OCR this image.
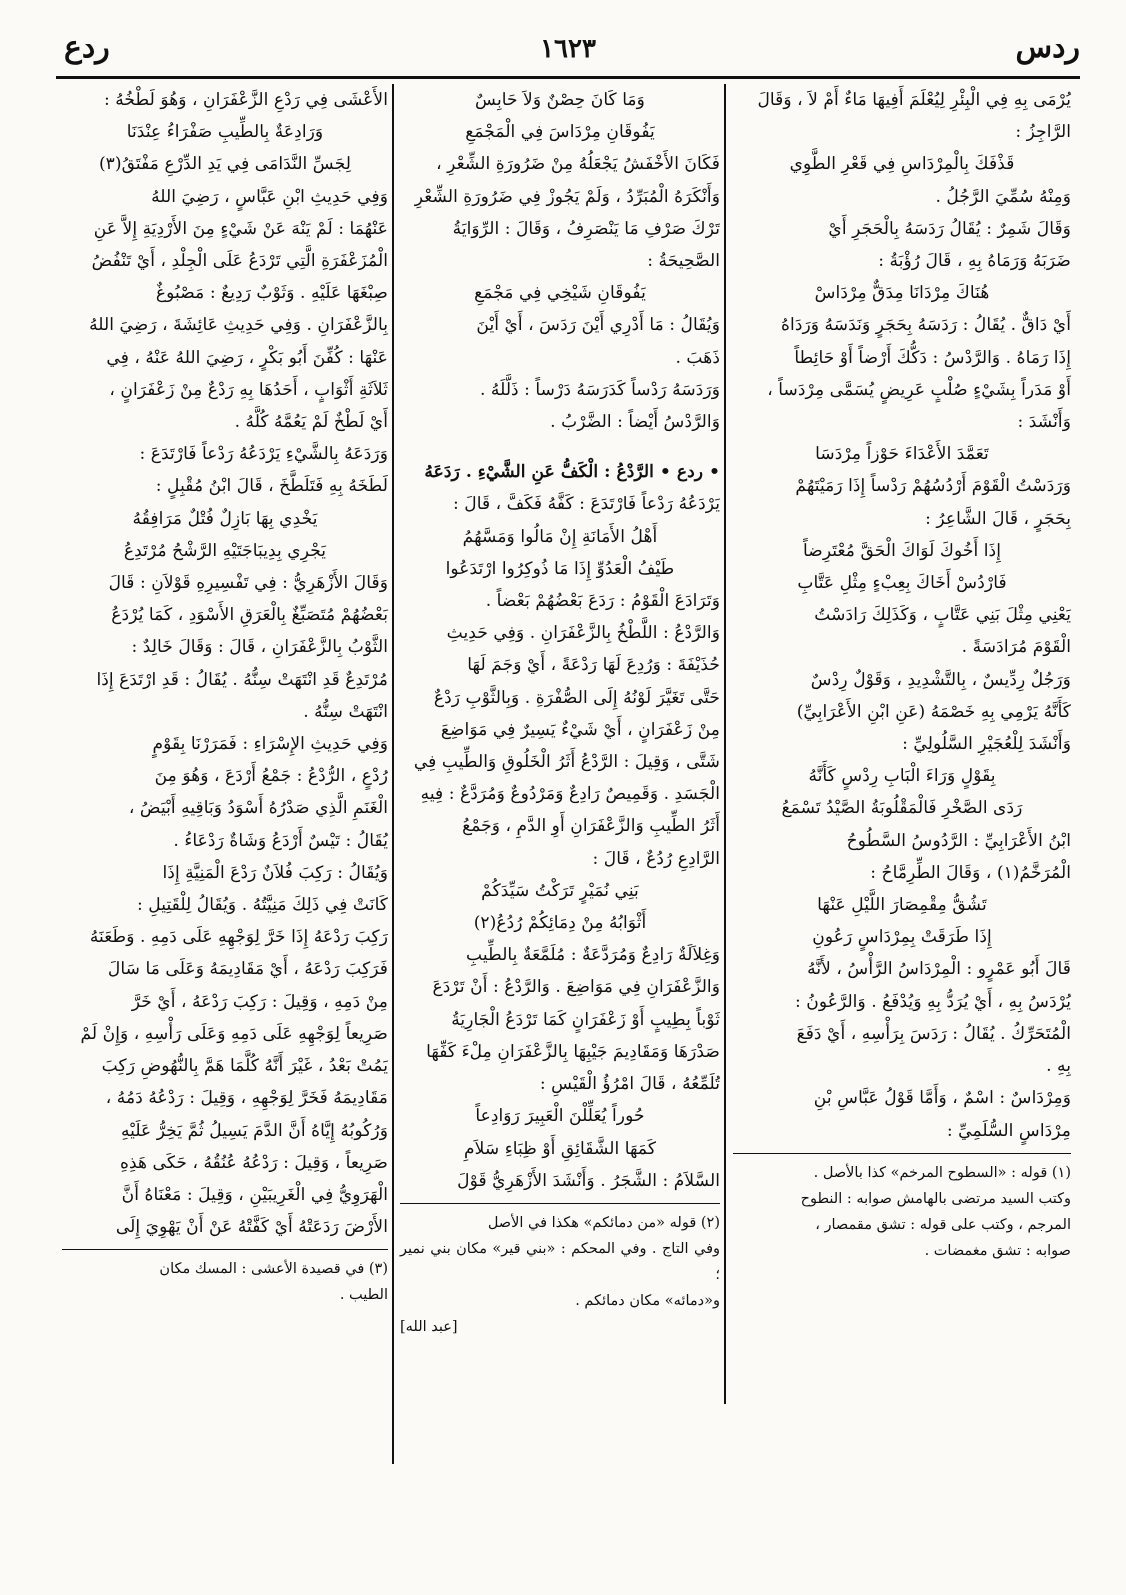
ردس
١٦٢٣
ردع

يُرْمَى بِهِ فِي الْبِئْرِ لِيُعْلَمَ أَفِيهَا مَاءٌ أَمْ لاَ ، وَقَالَ

الرَّاجِزُ :

قَذْفَكَ بِالْمِرْدَاسِ فِي قَعْرِ الطَّوِي

وَمِنْهُ سُمِّيَ الرَّجُلُ .

وَقَالَ شَمِرٌ : يُقَالُ رَدَسَهُ بِالْحَجَرِ أَيْ

ضَرَبَهُ وَرَمَاهُ بِهِ ، قَالَ رُؤْبَةُ :

هُنَاكَ مِرْدَانَا مِدَقٌّ مِرْدَاسْ

أَيْ دَاقٌّ . يُقَالُ : رَدَسَهُ بِحَجَرٍ وَنَدَسَهُ وَرَدَاهُ

إِذَا رَمَاهُ . وَالرَّدْسُ : دَكُّكَ أَرْضاً أَوْ حَائِطاً

أَوْ مَدَراً بِشَيْءٍ صُلْبٍ عَرِيضٍ يُسَمَّى مِرْدَساً ،

وَأَنْشَدَ :

تَعَمَّدَ الأَعْدَاءَ حَوْزاً مِرْدَسَا

وَرَدَسْتُ الْقَوْمَ أَرْدُسُهُمْ رَدْساً إِذَا رَمَيْتَهُمْ

بِحَجَرٍ ، قَالَ الشَّاعِرُ :

إِذَا أَخُوكَ لَوَاكَ الْحَقَّ مُعْتَرِضاً

فَارْدُسْ أَخَاكَ بِعِبْءٍ مِثْلِ عَتَّابِ

يَعْنِي مِثْلَ بَنِي عَتَّابٍ ، وَكَذَلِكَ رَادَسْتُ

الْقَوْمَ مُرَادَسَةً .

وَرَجُلٌ رِدِّيسٌ ، بِالتَّشْدِيدِ ، وَقَوْلٌ رِدْسٌ

كَأَنَّهُ يَرْمِي بِهِ خَصْمَهُ (عَنِ ابْنِ الأَعْرَابِيِّ)

وَأَنْشَدَ لِلْعُجَيْرِ السَّلُولِيِّ :

بِقَوْلٍ وَرَاءَ الْبَابِ رِدْسٍ كَأَنَّهُ

رَدَى الصَّخْرِ فَالْمَقْلُوبَةُ الصَّيْدُ تَسْمَعُ

ابْنُ الأَعْرَابِيِّ : الرَّدُوسُ السَّطُوحُ

الْمُرَخَّمُ(١) ، وَقَالَ الطِّرِمَّاحُ :

تَشُقُّ مِقْمِصَارَ اللَّيْلِ عَنْهَا

إِذَا طَرَقَتْ بِمِرْدَاسٍ رَعُونِ

قَالَ أَبُو عَمْرٍو : الْمِرْدَاسُ الرَّأْسُ ، لأَنَّهُ

يُرْدَسُ بِهِ ، أَيْ يُرَدُّ بِهِ وَيُدْفَعُ . وَالرَّعُونُ :

الْمُتَحَرِّكُ . يُقَالُ : رَدَسَ بِرَأْسِهِ ، أَيْ دَفَعَ

بِهِ .

وَمِرْدَاسٌ : اسْمٌ ، وَأَمَّا قَوْلُ عَبَّاسِ بْنِ

مِرْدَاسٍ السُّلَمِيِّ :

(١) قوله : «السطوح المرخم» كذا بالأصل .

وكتب السيد مرتضى بالهامش صوابه : النطوح

المرجم ، وكتب على قوله : تشق مقمصار ،

صوابه : تشق مغمضات .

وَمَا كَانَ حِصْنٌ وَلاَ حَابِسٌ

يَفُوقَانِ مِرْدَاسَ فِي الْمَجْمَعِ

فَكَانَ الأَخْفَشُ يَجْعَلُهُ مِنْ ضَرُورَةِ الشِّعْرِ ،

وَأَنْكَرَهُ الْمُبَرِّدُ ، وَلَمْ يَجُوزْ فِي ضَرُورَةِ الشِّعْرِ

تَرْكَ صَرْفِ مَا يَنْصَرِفُ ، وَقَالَ : الرِّوَايَةُ

الصَّحِيحَةُ :

يَفُوقَانِ شَيْخِي فِي مَجْمَعِ

وَيُقَالُ : مَا أَدْرِي أَيْنَ رَدَسَ ، أَيْ أَيْنَ

ذَهَبَ .

وَرَدَسَهُ رَدْساً كَدَرَسَهُ دَرْساً : ذَلَّلَهُ .

وَالرَّدْسُ أَيْضاً : الضَّرْبُ .

• ردع • الرَّدْعُ : الْكَفُّ عَنِ الشَّيْءِ . رَدَعَهُ

يَرْدَعُهُ رَدْعاً فَارْتَدَعَ : كَفَّهُ فَكَفَّ ، قَالَ :

أَهْلُ الأَمَانَةِ إِنْ مَالُوا وَمَسَّهُمُ

طَيْفُ الْعَدُوِّ إِذَا مَا ذُوكِرُوا ارْتَدَعُوا

وَتَرَادَعَ الْقَوْمُ : رَدَعَ بَعْضُهُمْ بَعْضاً .

وَالرَّدْعُ : اللَّطْخُ بِالزَّعْفَرَانِ . وَفِي حَدِيثِ

حُذَيْفَةَ : وَرُدِعَ لَهَا رَدْعَةً ، أَيْ وَجَمَ لَهَا

حَتَّى تَغَيَّرَ لَوْنُهُ إِلَى الصُّفْرَةِ . وَبِالثَّوْبِ رَدْعٌ

مِنْ زَعْفَرَانٍ ، أَيْ شَيْءٌ يَسِيرٌ فِي مَوَاضِعَ

شَتَّى ، وَقِيلَ : الرَّدْعُ أَثَرُ الْخَلُوقِ وَالطِّيبِ فِي

الْجَسَدِ . وَقَمِيصٌ رَادِعٌ وَمَرْدُوعٌ وَمُرَدَّعٌ : فِيهِ

أَثَرُ الطِّيبِ وَالزَّعْفَرَانِ أَوِ الدَّمِ ، وَجَمْعُ

الرَّادِعِ رُدُعٌ ، قَالَ :

بَنِي نُمَيْرٍ تَرَكْتُ سَيِّدَكُمْ

أَثْوَابُهُ مِنْ دِمَائِكُمْ رُدُعُ(٢)

وَغِلاَلَةٌ رَادِعٌ وَمُرَدَّعَةٌ : مُلَمَّعَةٌ بِالطِّيبِ

وَالزَّعْفَرَانِ فِي مَوَاضِعَ . وَالرَّدْعُ : أَنْ تَرْدَعَ

ثَوْباً بِطِيبٍ أَوْ زَعْفَرَانٍ كَمَا تَرْدَعُ الْجَارِيَةُ

صَدْرَهَا وَمَقَادِيمَ جَيْبِهَا بِالزَّعْفَرَانِ مِلْءَ كَفِّهَا

تُلَمِّعُهُ ، قَالَ امْرُؤُ الْقَيْسِ :

حُوراً يُعَلِّلْنَ الْعَبِيرَ رَوَادِعاً

كَمَهَا الشَّقَائِقِ أَوْ ظِبَاءِ سَلاَمِ

السَّلاَمُ : الشَّجَرُ . وَأَنْشَدَ الأَزْهَرِيُّ قَوْلَ

(٢) قوله «من دمائكم» هكذا في الأصل

وفي التاج . وفي المحكم : «بني قير» مكان بني نمير ؛

و«دمائه» مكان دمائكم .

[عبد الله]

الأَعْشَى فِي رَدْعِ الزَّعْفَرَانِ ، وَهُوَ لَطْخُهُ :

وَرَادِعَةٌ بِالطِّيبِ صَفْرَاءُ عِنْدَنَا

لِجَسِّ النَّدَامَى فِي يَدِ الدِّرْعِ مَفْتَقُ(٣)

وَفِي حَدِيثِ ابْنِ عَبَّاسٍ ، رَضِيَ اللهُ

عَنْهُمَا : لَمْ يَنْهَ عَنْ شَيْءٍ مِنَ الأَرْدِيَةِ إِلاَّ عَنِ

الْمُزَعْفَرَةِ الَّتِي تَرْدَعُ عَلَى الْجِلْدِ ، أَيْ تَنْفُضُ

صِبْغَهَا عَلَيْهِ . وَثَوْبٌ رَدِيعٌ : مَصْبُوغٌ

بِالزَّعْفَرَانِ . وَفِي حَدِيثِ عَائِشَةَ ، رَضِيَ اللهُ

عَنْهَا : كُفِّنَ أَبُو بَكْرٍ ، رَضِيَ اللهُ عَنْهُ ، فِي

ثَلاَثَةِ أَثْوَابٍ ، أَحَدُهَا بِهِ رَدْعٌ مِنْ زَعْفَرَانٍ ،

أَيْ لَطْخٌ لَمْ يَعُمَّهُ كُلَّهُ .

وَرَدَعَهُ بِالشَّيْءِ يَرْدَعُهُ رَدْعاً فَارْتَدَعَ :

لَطَخَهُ بِهِ فَتَلَطَّخَ ، قَالَ ابْنُ مُقْبِلٍ :

يَخْدِي بِهَا بَازِلٌ فُتْلٌ مَرَافِقُهُ

يَجْرِي بِدِيبَاجَتَيْهِ الرَّشْحُ مُرْتَدِعُ

وَقَالَ الأَزْهَرِيُّ : فِي تَفْسِيرِهِ قَوْلاَنِ : قَالَ

بَعْضُهُمْ مُتَصَبِّغٌ بِالْعَرَقِ الأَسْوَدِ ، كَمَا يُرْدَعُ

الثَّوْبُ بِالزَّعْفَرَانِ ، قَالَ : وَقَالَ خَالِدٌ :

مُرْتَدِعٌ قَدِ انْتَهَتْ سِنُّهُ . يُقَالُ : قَدِ ارْتَدَعَ إِذَا

انْتَهَتْ سِنُّهُ .

وَفِي حَدِيثِ الإِسْرَاءِ : فَمَرَرْنَا بِقَوْمٍ

رُدْعٍ ، الرُّدْعُ : جَمْعُ أَرْدَعَ ، وَهُوَ مِنَ

الْغَنَمِ الَّذِي صَدْرُهُ أَسْوَدُ وَبَاقِيهِ أَبْيَضُ ،

يُقَالُ : تَيْسٌ أَرْدَعُ وَشَاةٌ رَدْعَاءُ .

وَيُقَالُ : رَكِبَ فُلاَنٌ رَدْعَ الْمَنِيَّةِ إِذَا

كَانَتْ فِي ذَلِكَ مَنِيَّتُهُ . وَيُقَالُ لِلْقَتِيلِ :

رَكِبَ رَدْعَهُ إِذَا خَرَّ لِوَجْهِهِ عَلَى دَمِهِ . وَطَعَنَهُ

فَرَكِبَ رَدْعَهُ ، أَيْ مَقَادِيمَهُ وَعَلَى مَا سَالَ

مِنْ دَمِهِ ، وَقِيلَ : رَكِبَ رَدْعَهُ ، أَيْ خَرَّ

صَرِيعاً لِوَجْهِهِ عَلَى دَمِهِ وَعَلَى رَأْسِهِ ، وَإِنْ لَمْ

يَمُتْ بَعْدُ ، غَيْرَ أَنَّهُ كُلَّمَا هَمَّ بِالنُّهُوضِ رَكِبَ

مَقَادِيمَهُ فَخَرَّ لِوَجْهِهِ ، وَقِيلَ : رَدْعُهُ دَمُهُ ،

وَرُكُوبُهُ إِيَّاهُ أَنَّ الدَّمَ يَسِيلُ ثُمَّ يَخِرُّ عَلَيْهِ

صَرِيعاً ، وَقِيلَ : رَدْعُهُ عُنُقُهُ ، حَكَى هَذِهِ

الْهَرَوِيُّ فِي الْغَرِيبَيْنِ ، وَقِيلَ : مَعْنَاهُ أَنَّ

الأَرْضَ رَدَعَتْهُ أَيْ كَفَّتْهُ عَنْ أَنْ يَهْوِيَ إِلَى

(٣) في قصيدة الأعشى : المسك مكان

الطيب .
